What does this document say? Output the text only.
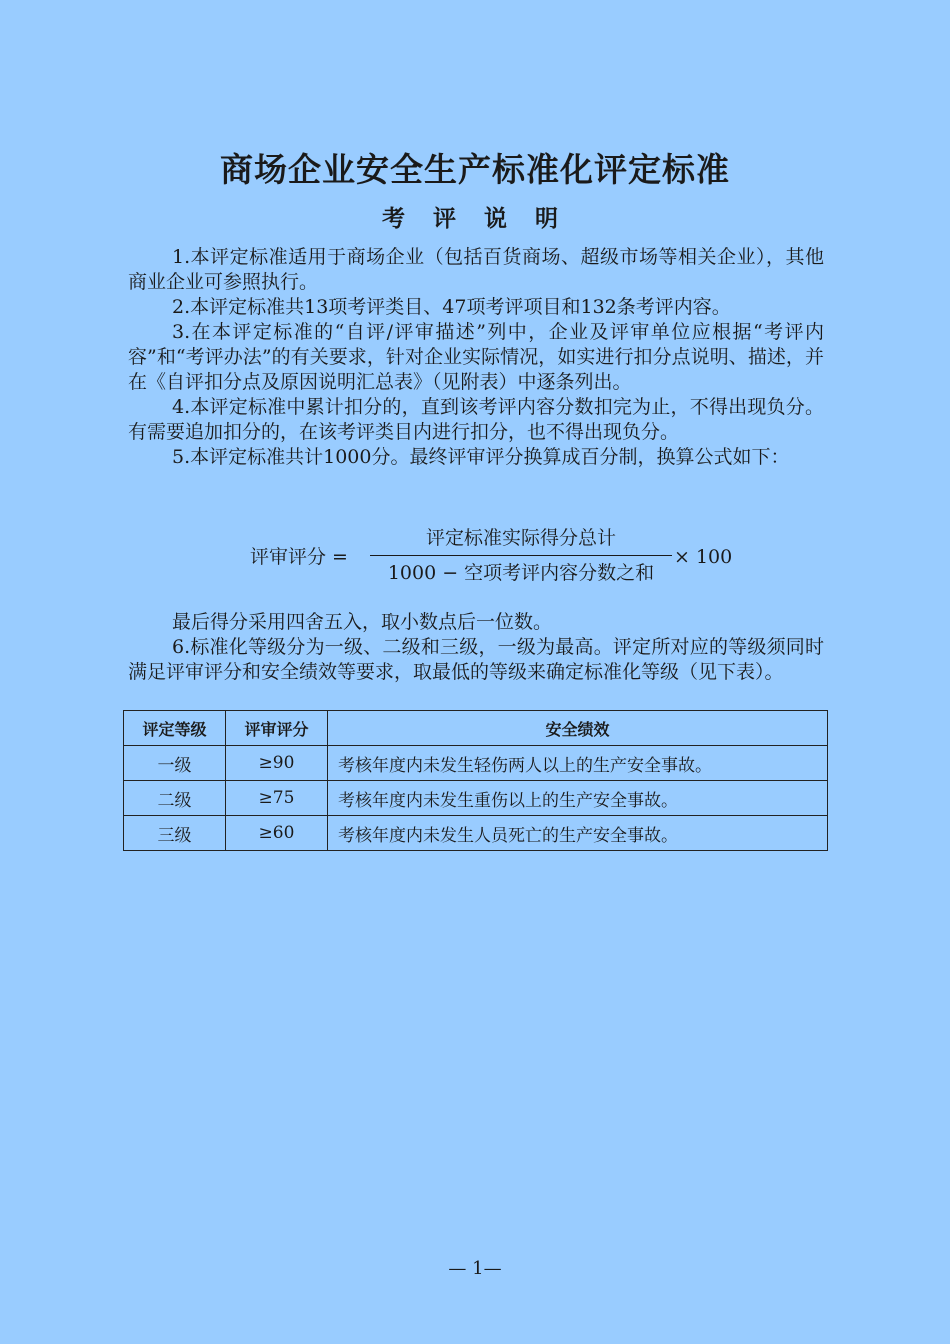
商场企业安全生产标准化评定标准
考 评 说 明

1.本评定标准适用于商场企业（包括百货商场、超级市场等相关企业），其他商业企业可参照执行。

2.本评定标准共13项考评类目、47项考评项目和132条考评内容。

3.在本评定标准的“自评/评审描述”列中，企业及评审单位应根据“考评内容”和“考评办法”的有关要求，针对企业实际情况，如实进行扣分点说明、描述，并在《自评扣分点及原因说明汇总表》（见附表）中逐条列出。

4.本评定标准中累计扣分的，直到该考评内容分数扣完为止，不得出现负分。有需要追加扣分的，在该考评类目内进行扣分，也不得出现负分。

5.本评定标准共计1000分。最终评审评分换算成百分制，换算公式如下：

评审评分 =
评定标准实际得分总计
1000 − 空项考评内容分数之和
× 100

最后得分采用四舍五入，取小数点后一位数。

6.标准化等级分为一级、二级和三级，一级为最高。评定所对应的等级须同时满足评审评分和安全绩效等要求，取最低的等级来确定标准化等级（见下表）。

评定等级	评审评分	安全绩效
一级	≥90	考核年度内未发生轻伤两人以上的生产安全事故。
二级	≥75	考核年度内未发生重伤以上的生产安全事故。
三级	≥60	考核年度内未发生人员死亡的生产安全事故。
— 1—
